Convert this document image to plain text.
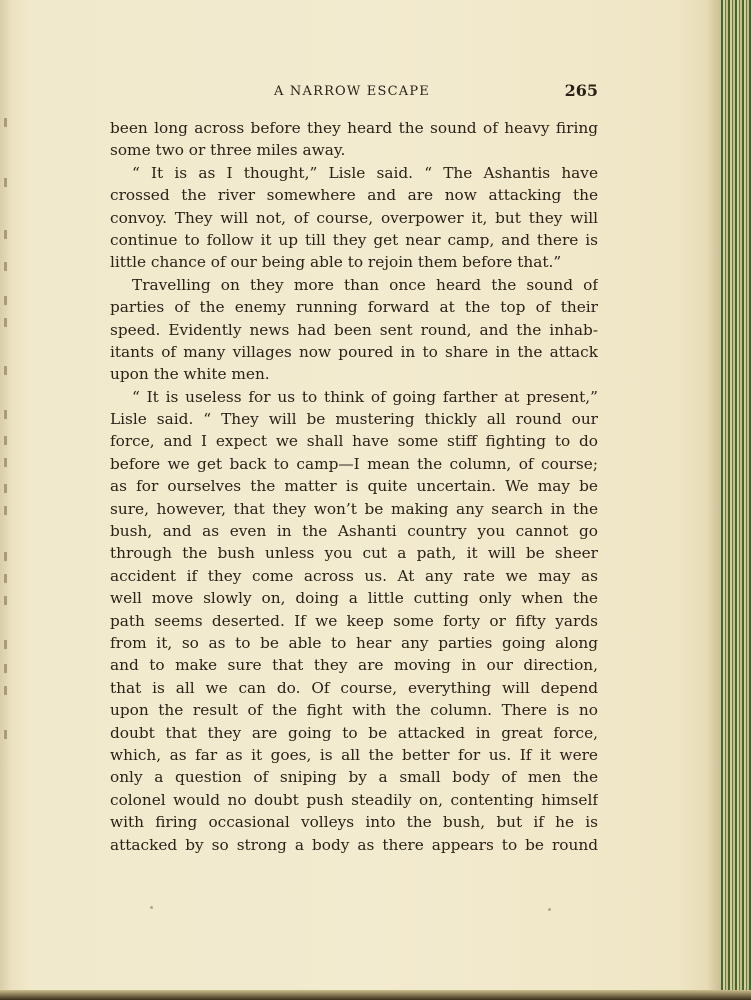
A NARROW ESCAPE	265
been long across before they heard the sound of heavy firing
some two or three miles away.
“ It is as I thought,” Lisle said. “ The Ashantis have
crossed the river somewhere and are now attacking the
convoy. They will not, of course, overpower it, but they will
continue to follow it up till they get near camp, and there is
little chance of our being able to rejoin them before that.”
Travelling on they more than once heard the sound of
parties of the enemy running forward at the top of their
speed. Evidently news had been sent round, and the inhab-
itants of many villages now poured in to share in the attack
upon the white men.
“ It is useless for us to think of going farther at present,”
Lisle said. “ They will be mustering thickly all round our
force, and I expect we shall have some stiff fighting to do
before we get back to camp—I mean the column, of course;
as for ourselves the matter is quite uncertain. We may be
sure, however, that they won’t be making any search in the
bush, and as even in the Ashanti country you cannot go
through the bush unless you cut a path, it will be sheer
accident if they come across us. At any rate we may as
well move slowly on, doing a little cutting only when the
path seems deserted. If we keep some forty or fifty yards
from it, so as to be able to hear any parties going along
and to make sure that they are moving in our direction,
that is all we can do. Of course, everything will depend
upon the result of the fight with the column. There is no
doubt that they are going to be attacked in great force,
which, as far as it goes, is all the better for us. If it were
only a question of sniping by a small body of men the
colonel would no doubt push steadily on, contenting himself
with firing occasional volleys into the bush, but if he is
attacked by so strong a body as there appears to be round
